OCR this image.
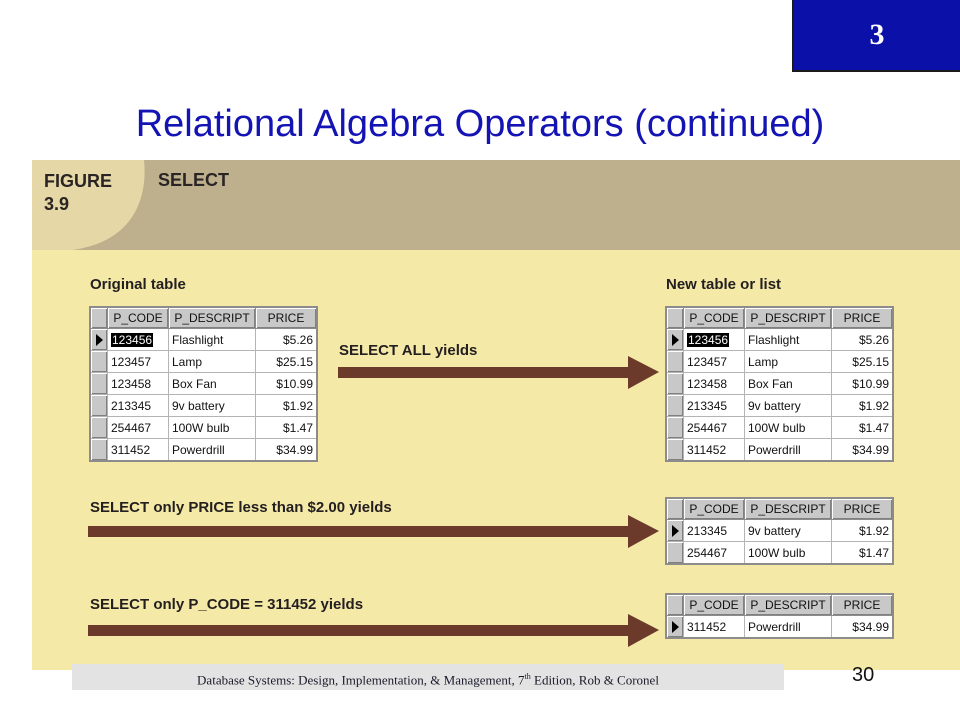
3
Relational Algebra Operators (continued)
FIGURE
3.9
SELECT
Original table	New table or list
	P_CODE	P_DESCRIPT	PRICE
	123456	Flashlight	$5.26
	123457	Lamp	$25.15
	123458	Box Fan	$10.99
	213345	9v battery	$1.92
	254467	100W bulb	$1.47
	311452	Powerdrill	$34.99
	P_CODE	P_DESCRIPT	PRICE
	123456	Flashlight	$5.26
	123457	Lamp	$25.15
	123458	Box Fan	$10.99
	213345	9v battery	$1.92
	254467	100W bulb	$1.47
	311452	Powerdrill	$34.99
	P_CODE	P_DESCRIPT	PRICE
	213345	9v battery	$1.92
	254467	100W bulb	$1.47
	P_CODE	P_DESCRIPT	PRICE
	311452	Powerdrill	$34.99
SELECT ALL yields
SELECT only PRICE less than $2.00 yields
SELECT only P_CODE = 311452 yields
Database Systems: Design, Implementation, & Management, 7th Edition, Rob & Coronel	30
